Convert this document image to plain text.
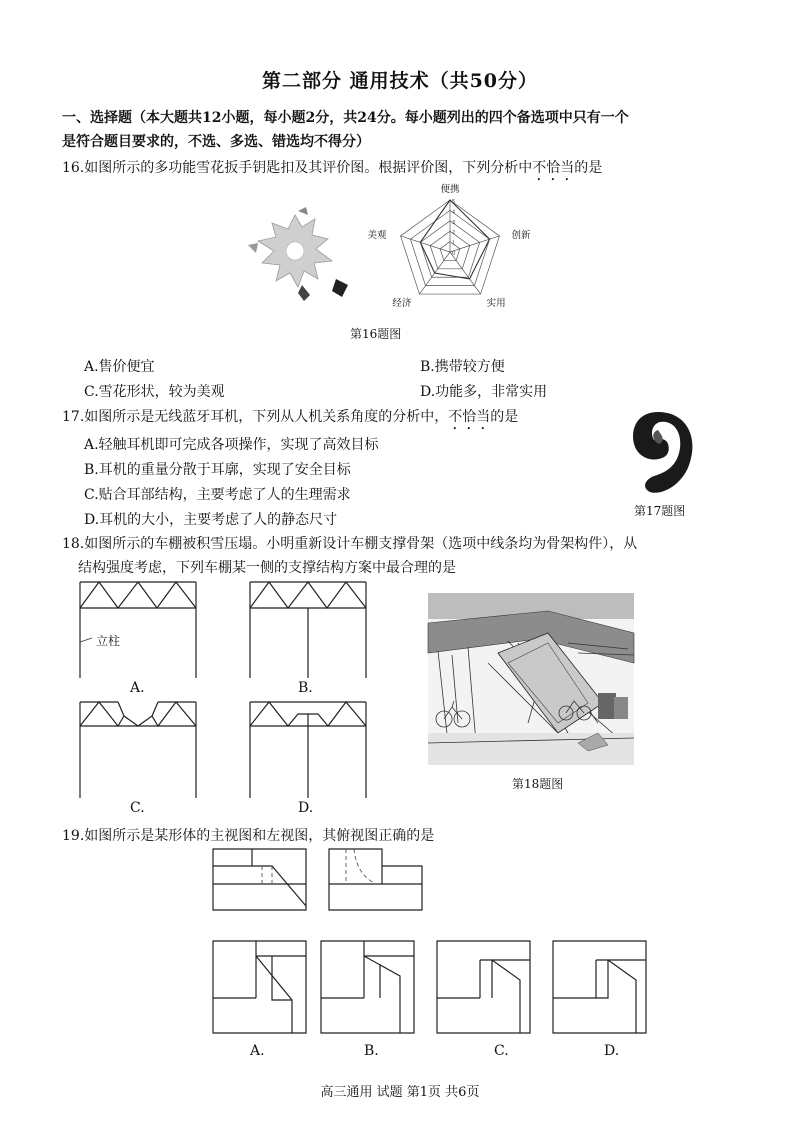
第二部分 通用技术（共50分）
一、选择题（本大题共12小题，每小题2分，共24分。每小题列出的四个备选项中只有一个
是符合题目要求的，不选、多选、错选均不得分）
16.如图所示的多功能雪花扳手钥匙扣及其评价图。根据评价图，下列分析中不恰当的是
5
4
3
2
1
0
便携
创新
实用
经济
美观
第16题图
A.售价便宜	B.携带较方便
C.雪花形状，较为美观	D.功能多，非常实用
17.如图所示是无线蓝牙耳机，下列从人机关系角度的分析中，不恰当的是
A.轻触耳机即可完成各项操作，实现了高效目标
B.耳机的重量分散于耳廓，实现了安全目标
C.贴合耳部结构，主要考虑了人的生理需求
D.耳机的大小，主要考虑了人的静态尺寸
第17题图
18.如图所示的车棚被积雪压塌。小明重新设计车棚支撑骨架（选项中线条均为骨架构件），从
结构强度考虑，下列车棚某一侧的支撑结构方案中最合理的是
立柱
A.	B.
C.	D.
第18题图
19.如图所示是某形体的主视图和左视图，其俯视图正确的是
A.	B.	C.	D.
高三通用 试题 第1页 共6页
